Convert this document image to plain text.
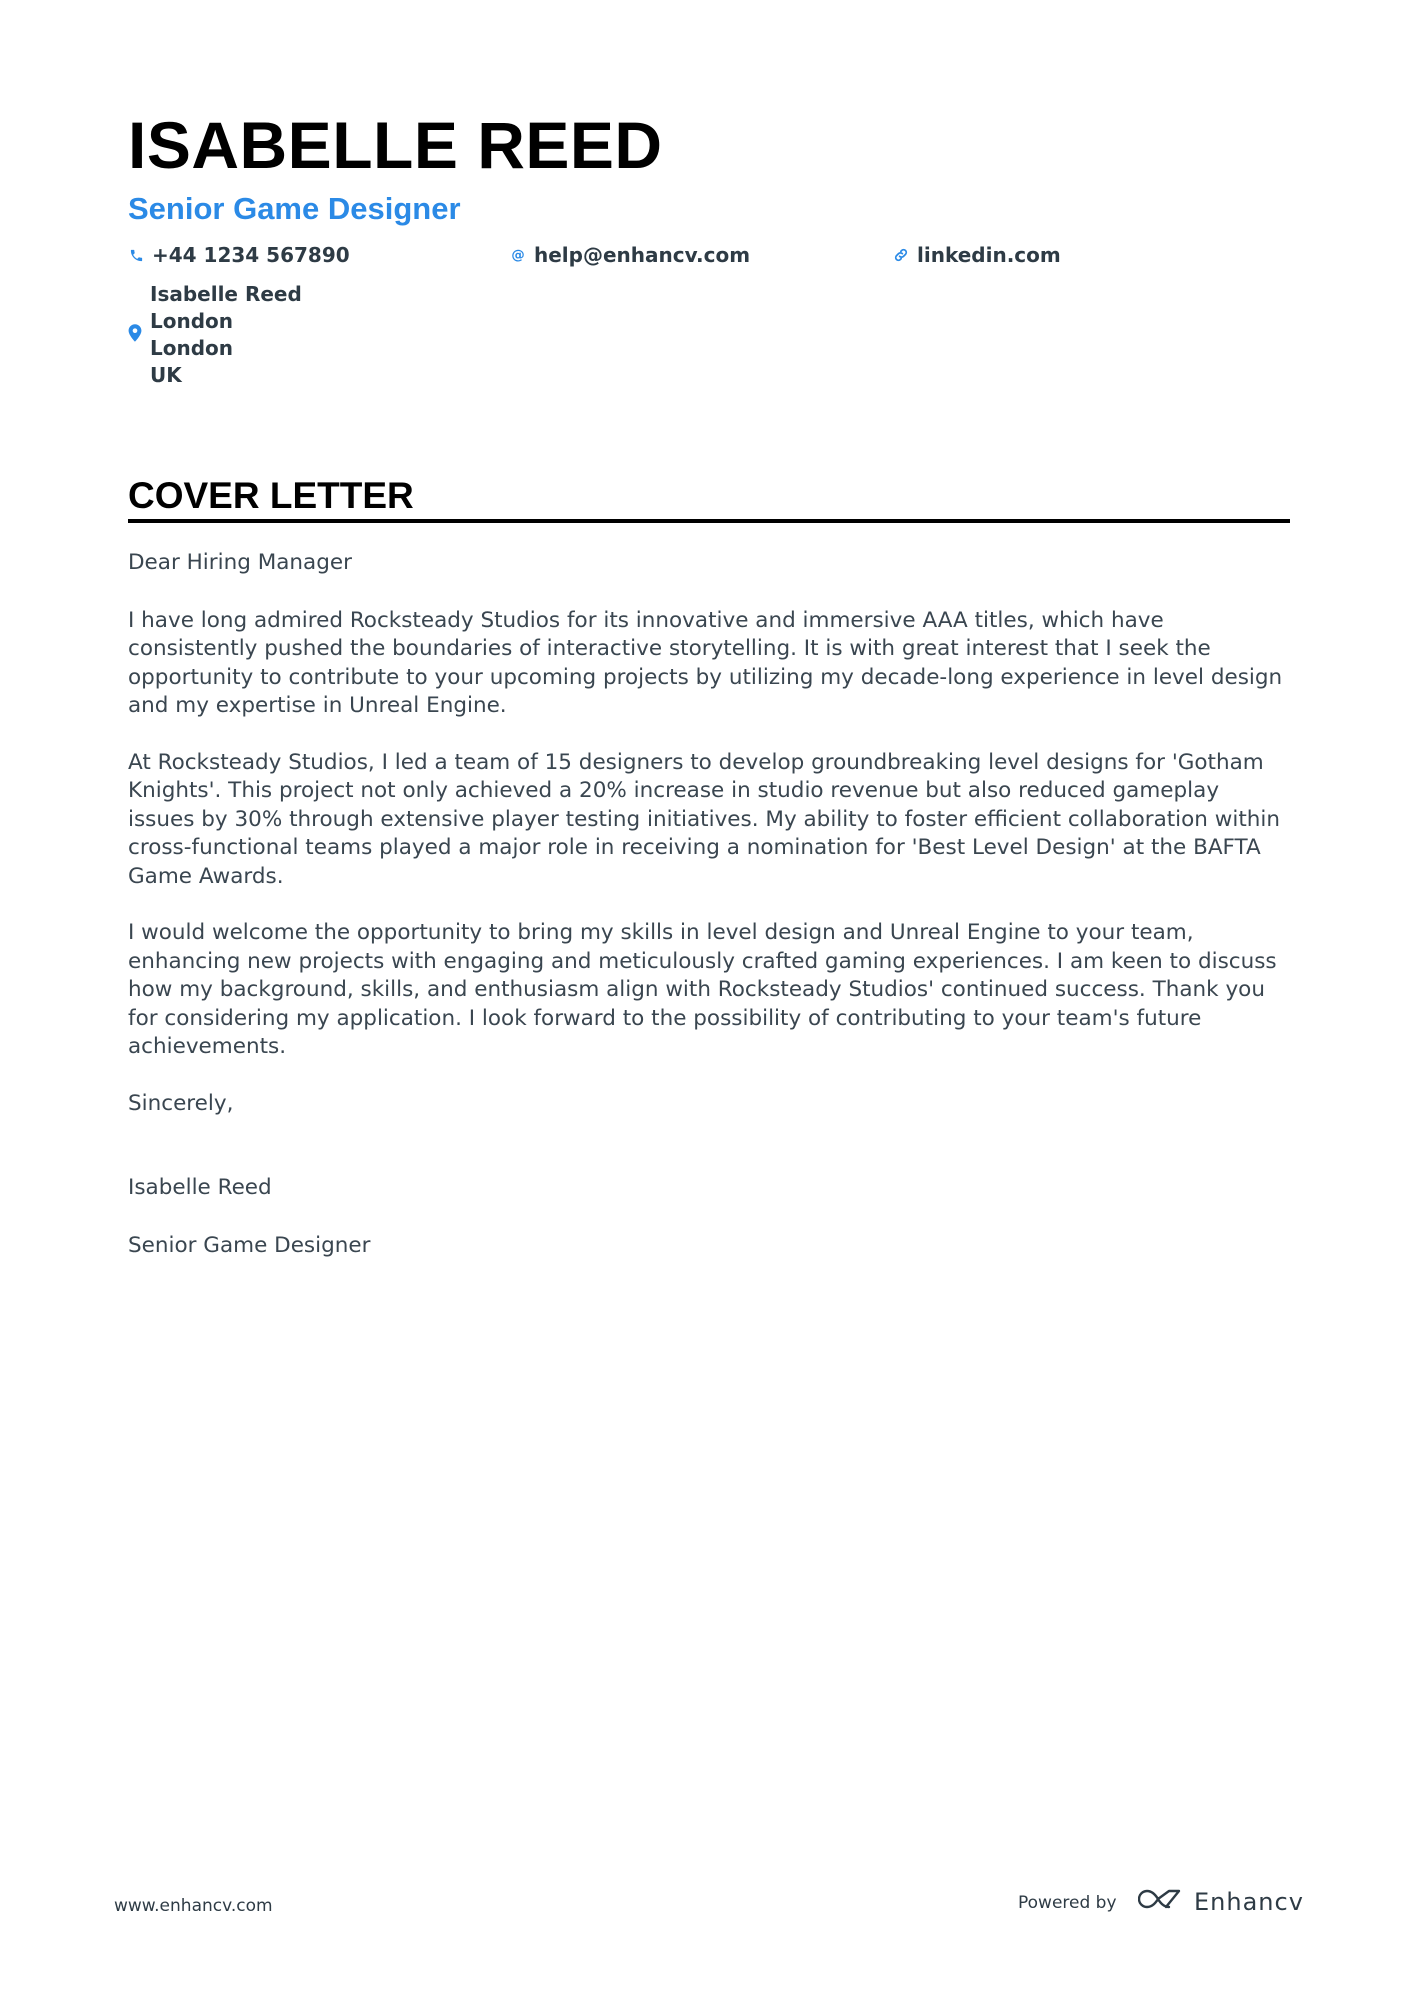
ISABELLE REED
Senior Game Designer
+44 1234 567890	@ help@enhancv.com	linkedin.com
Isabelle Reed
London
London
UK
COVER LETTER

Dear Hiring Manager

I have long admired Rocksteady Studios for its innovative and immersive AAA titles, which have consistently pushed the boundaries of interactive storytelling. It is with great interest that I seek the opportunity to contribute to your upcoming projects by utilizing my decade-long experience in level design and my expertise in Unreal Engine.

At Rocksteady Studios, I led a team of 15 designers to develop groundbreaking level designs for 'Gotham Knights'. This project not only achieved a 20% increase in studio revenue but also reduced gameplay issues by 30% through extensive player testing initiatives. My ability to foster efficient collaboration within cross-functional teams played a major role in receiving a nomination for 'Best Level Design' at the BAFTA Game Awards.

I would welcome the opportunity to bring my skills in level design and Unreal Engine to your team, enhancing new projects with engaging and meticulously crafted gaming experiences. I am keen to discuss how my background, skills, and enthusiasm align with Rocksteady Studios' continued success. Thank you for considering my application. I look forward to the possibility of contributing to your team's future achievements.

Sincerely,

Isabelle Reed

Senior Game Designer

www.enhancv.com	Powered by	Enhancv
